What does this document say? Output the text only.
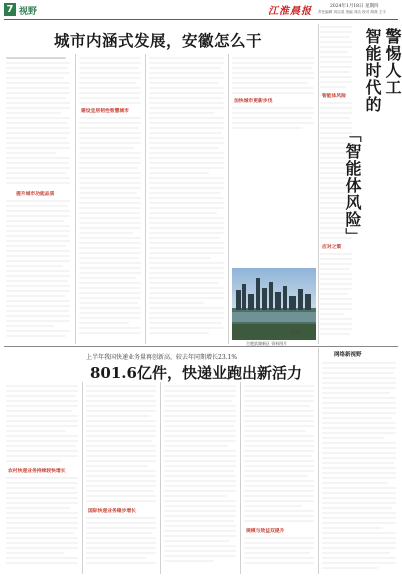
7 视野	江淮晨报	2024年1月18日 星期四
责任编辑 刘洁清 美编 刘洁 校对 胡燕 王宇
城市内涵式发展，安徽怎么干
提升城市功能品质
建设宜居韧性智慧城市
加快城市更新步伐
合肥滨湖新区 资料图片
智能体风险
应对之策
警惕人工
智能时代的
「智能体风险」
上半年我国快递业务量再创新高，较去年同期增长23.1%
801.6亿件，快递业跑出新活力
农村快递业务持续较快增长
国际快递业务稳步增长
规模与效益双提升
网络新视野
新华社
